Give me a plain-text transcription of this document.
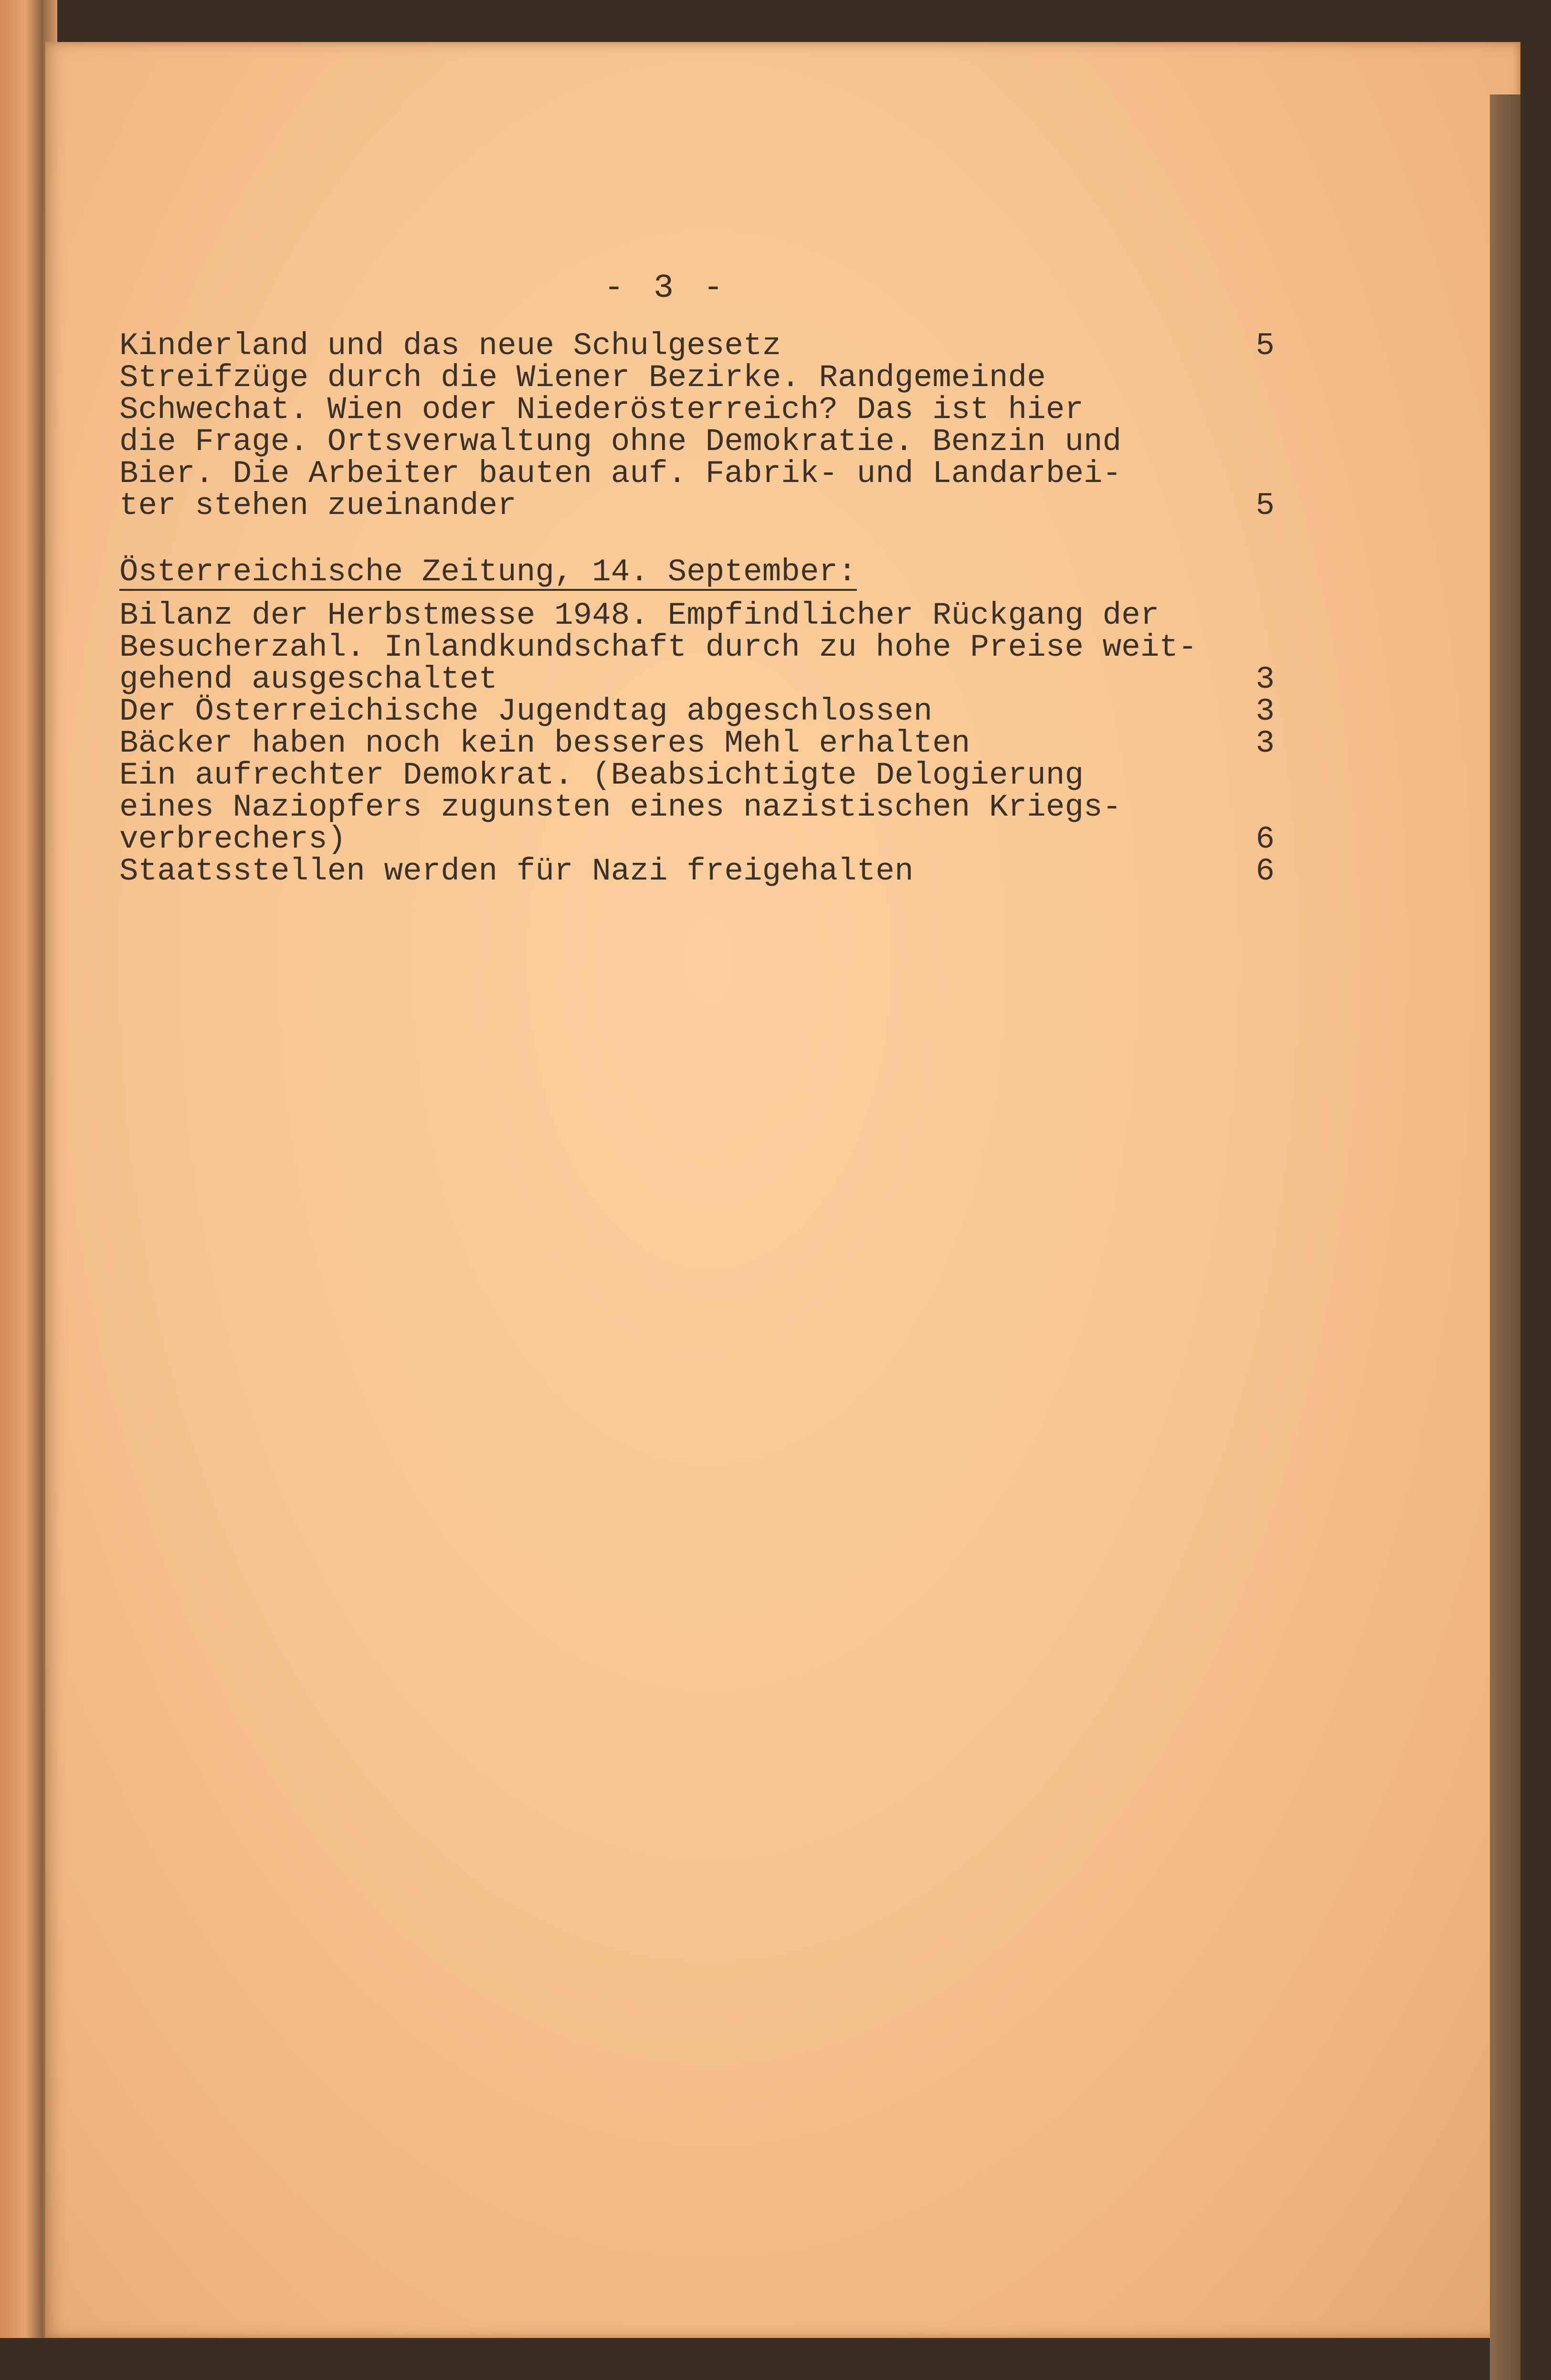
- 3 -
Kinderland und das neue Schulgesetz	5
Streifzüge durch die Wiener Bezirke. Randgemeinde
Schwechat. Wien oder Niederösterreich? Das ist hier
die Frage. Ortsverwaltung ohne Demokratie. Benzin und
Bier. Die Arbeiter bauten auf. Fabrik- und Landarbei-
ter stehen zueinander	5
Österreichische Zeitung, 14. September:
Bilanz der Herbstmesse 1948. Empfindlicher Rückgang der
Besucherzahl. Inlandkundschaft durch zu hohe Preise weit-
gehend ausgeschaltet	3
Der Österreichische Jugendtag abgeschlossen	3
Bäcker haben noch kein besseres Mehl erhalten	3
Ein aufrechter Demokrat. (Beabsichtigte Delogierung
eines Naziopfers zugunsten eines nazistischen Kriegs-
verbrechers)	6
Staatsstellen werden für Nazi freigehalten	6
